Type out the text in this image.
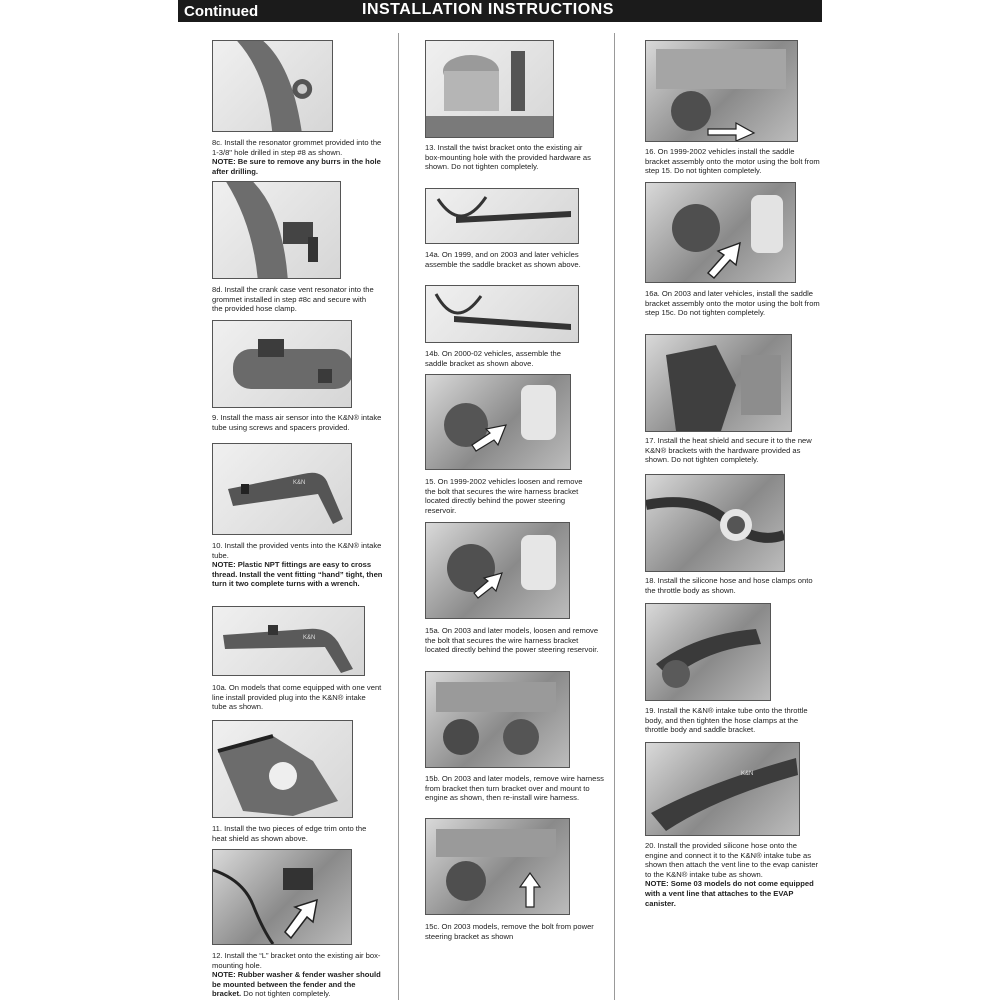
Continued	INSTALLATION INSTRUCTIONS
8c. Install the resonator grommet provided into the 1-3/8" hole drilled in step #8 as shown.
NOTE: Be sure to remove any burrs in the hole after drilling.
8d. Install the crank case vent resonator into the grommet installed in step #8c and secure with the provided hose clamp.
9. Install the mass air sensor into the K&N® intake tube using screws and spacers provided.
K&N
10. Install the provided vents into the K&N® intake tube.
NOTE: Plastic NPT fittings are easy to cross thread. Install the vent fitting “hand” tight, then turn it two complete turns with a wrench.
K&N
10a. On models that come equipped with one vent line install provided plug into the K&N® intake tube as shown.
11. Install the two pieces of edge trim onto the heat shield as shown above.
12. Install the “L” bracket onto the existing air box-mounting hole.
NOTE: Rubber washer & fender washer should be mounted between the fender and the bracket. Do not tighten completely.
13. Install the twist bracket onto the existing air box-mounting hole with the provided hardware as shown. Do not tighten completely.
14a. On 1999, and on 2003 and later vehicles assemble the saddle bracket as shown above.
14b. On 2000-02 vehicles, assemble the saddle bracket as shown above.
15. On 1999-2002 vehicles loosen and remove the bolt that secures the wire harness bracket located directly behind the power steering reservoir.
15a. On 2003 and later models, loosen and remove the bolt that secures the wire harness bracket located directly behind the power steering reservoir.
15b. On 2003 and later models, remove wire harness from bracket then turn bracket over and mount to engine as shown, then re-install wire harness.
15c. On 2003 models, remove the bolt from power steering bracket as shown
16. On 1999-2002 vehicles install the saddle bracket assembly onto the motor using the bolt from step 15. Do not tighten completely.
16a. On 2003 and later vehicles, install the saddle bracket assembly onto the motor using the bolt from step 15c. Do not tighten completely.
17. Install the heat shield and secure it to the new K&N® brackets with the hardware provided as shown. Do not tighten completely.
18. Install the silicone hose and hose clamps onto the throttle body as shown.
19. Install the K&N® intake tube onto the throttle body, and then tighten the hose clamps at the throttle body and saddle bracket.
K&N
20. Install the provided silicone hose onto the engine and connect it to the K&N® intake tube as shown then attach the vent line to the evap canister to the K&N® intake tube as shown.
NOTE: Some 03 models do not come equipped with a vent line that attaches to the EVAP canister.
